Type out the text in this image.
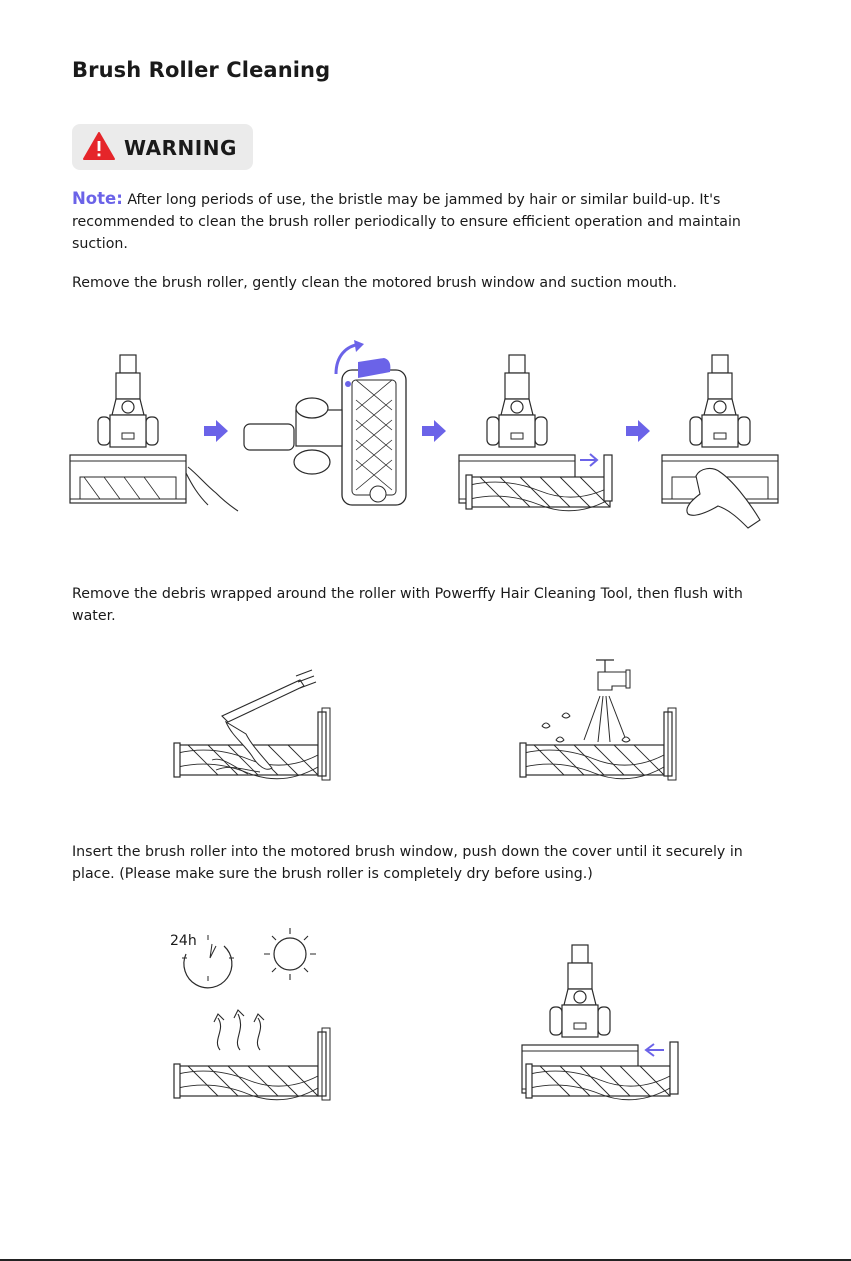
Brush Roller Cleaning
WARNING
Note: After long periods of use, the bristle may be jammed by hair or similar build-up. It's recommended to clean the brush roller periodically to ensure efficient operation and maintain suction.
Remove the brush roller, gently clean the motored brush window and suction mouth.
Remove the debris wrapped around the roller with Powerffy Hair Cleaning Tool, then flush with water.
Insert the brush roller into the motored brush window, push down the cover until it securely in place. (Please make sure the brush roller is completely dry before using.)
24h
